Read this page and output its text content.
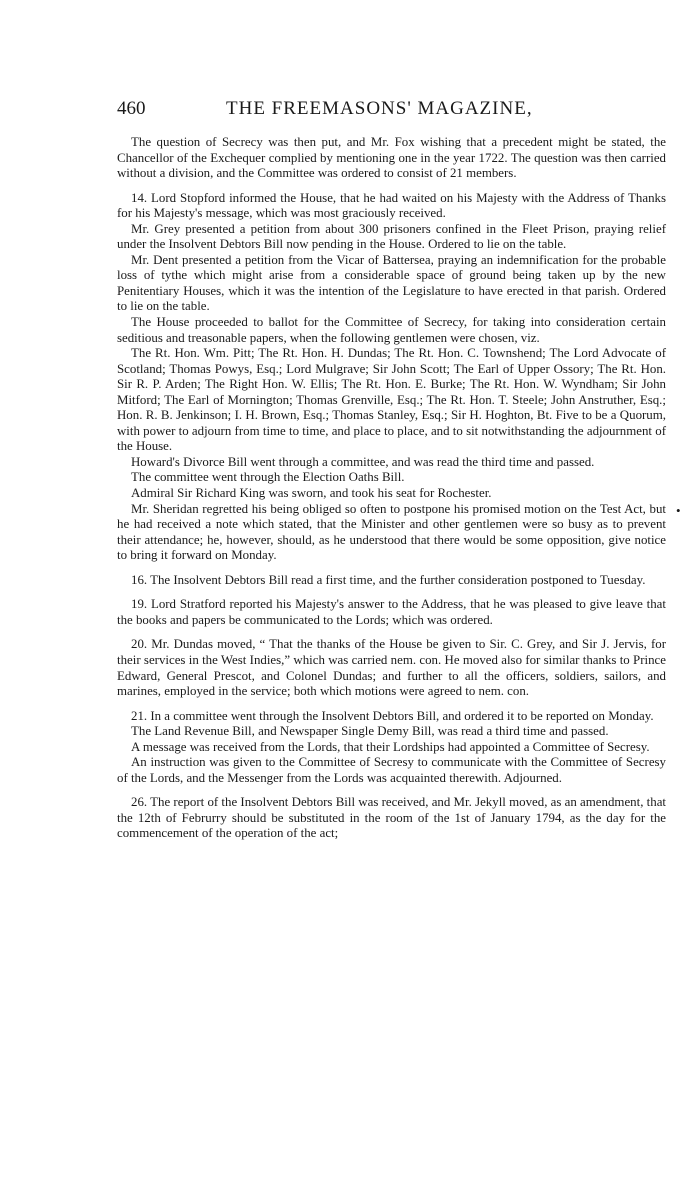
460	THE FREEMASONS' MAGAZINE,

The question of Secrecy was then put, and Mr. Fox wishing that a precedent might be stated, the Chancellor of the Exchequer complied by mentioning one in the year 1722. The question was then carried without a division, and the Committee was ordered to consist of 21 members.

14. Lord Stopford informed the House, that he had waited on his Majesty with the Address of Thanks for his Majesty's message, which was most graciously received.

Mr. Grey presented a petition from about 300 prisoners confined in the Fleet Prison, praying relief under the Insolvent Debtors Bill now pending in the House. Ordered to lie on the table.

Mr. Dent presented a petition from the Vicar of Battersea, praying an indemnification for the probable loss of tythe which might arise from a considerable space of ground being taken up by the new Penitentiary Houses, which it was the intention of the Legislature to have erected in that parish. Ordered to lie on the table.

The House proceeded to ballot for the Committee of Secrecy, for taking into consideration certain seditious and treasonable papers, when the following gentlemen were chosen, viz.

The Rt. Hon. Wm. Pitt; The Rt. Hon. H. Dundas; The Rt. Hon. C. Townshend; The Lord Advocate of Scotland; Thomas Powys, Esq.; Lord Mulgrave; Sir John Scott; The Earl of Upper Ossory; The Rt. Hon. Sir R. P. Arden; The Right Hon. W. Ellis; The Rt. Hon. E. Burke; The Rt. Hon. W. Wyndham; Sir John Mitford; The Earl of Mornington; Thomas Grenville, Esq.; The Rt. Hon. T. Steele; John Anstruther, Esq.; Hon. R. B. Jenkinson; I. H. Brown, Esq.; Thomas Stanley, Esq.; Sir H. Hoghton, Bt. Five to be a Quorum, with power to adjourn from time to time, and place to place, and to sit notwithstanding the adjournment of the House.

Howard's Divorce Bill went through a committee, and was read the third time and passed.

The committee went through the Election Oaths Bill.

Admiral Sir Richard King was sworn, and took his seat for Rochester.

Mr. Sheridan regretted his being obliged so often to postpone his promised motion on the Test Act, but he had received a note which stated, that the Minister and other gentlemen were so busy as to prevent their attendance; he, however, should, as he understood that there would be some opposition, give notice to bring it forward on Monday.

16. The Insolvent Debtors Bill read a first time, and the further consideration postponed to Tuesday.

19. Lord Stratford reported his Majesty's answer to the Address, that he was pleased to give leave that the books and papers be communicated to the Lords; which was ordered.

20. Mr. Dundas moved, “ That the thanks of the House be given to Sir. C. Grey, and Sir J. Jervis, for their services in the West Indies,” which was carried nem. con. He moved also for similar thanks to Prince Edward, General Prescot, and Colonel Dundas; and further to all the officers, soldiers, sailors, and marines, employed in the service; both which motions were agreed to nem. con.

21. In a committee went through the Insolvent Debtors Bill, and ordered it to be reported on Monday.

The Land Revenue Bill, and Newspaper Single Demy Bill, was read a third time and passed.

A message was received from the Lords, that their Lordships had appointed a Committee of Secresy.

An instruction was given to the Committee of Secresy to communicate with the Committee of Secresy of the Lords, and the Messenger from the Lords was acquainted therewith. Adjourned.

26. The report of the Insolvent Debtors Bill was received, and Mr. Jekyll moved, as an amendment, that the 12th of Februrry should be substituted in the room of the 1st of January 1794, as the day for the commencement of the operation of the act;

•
